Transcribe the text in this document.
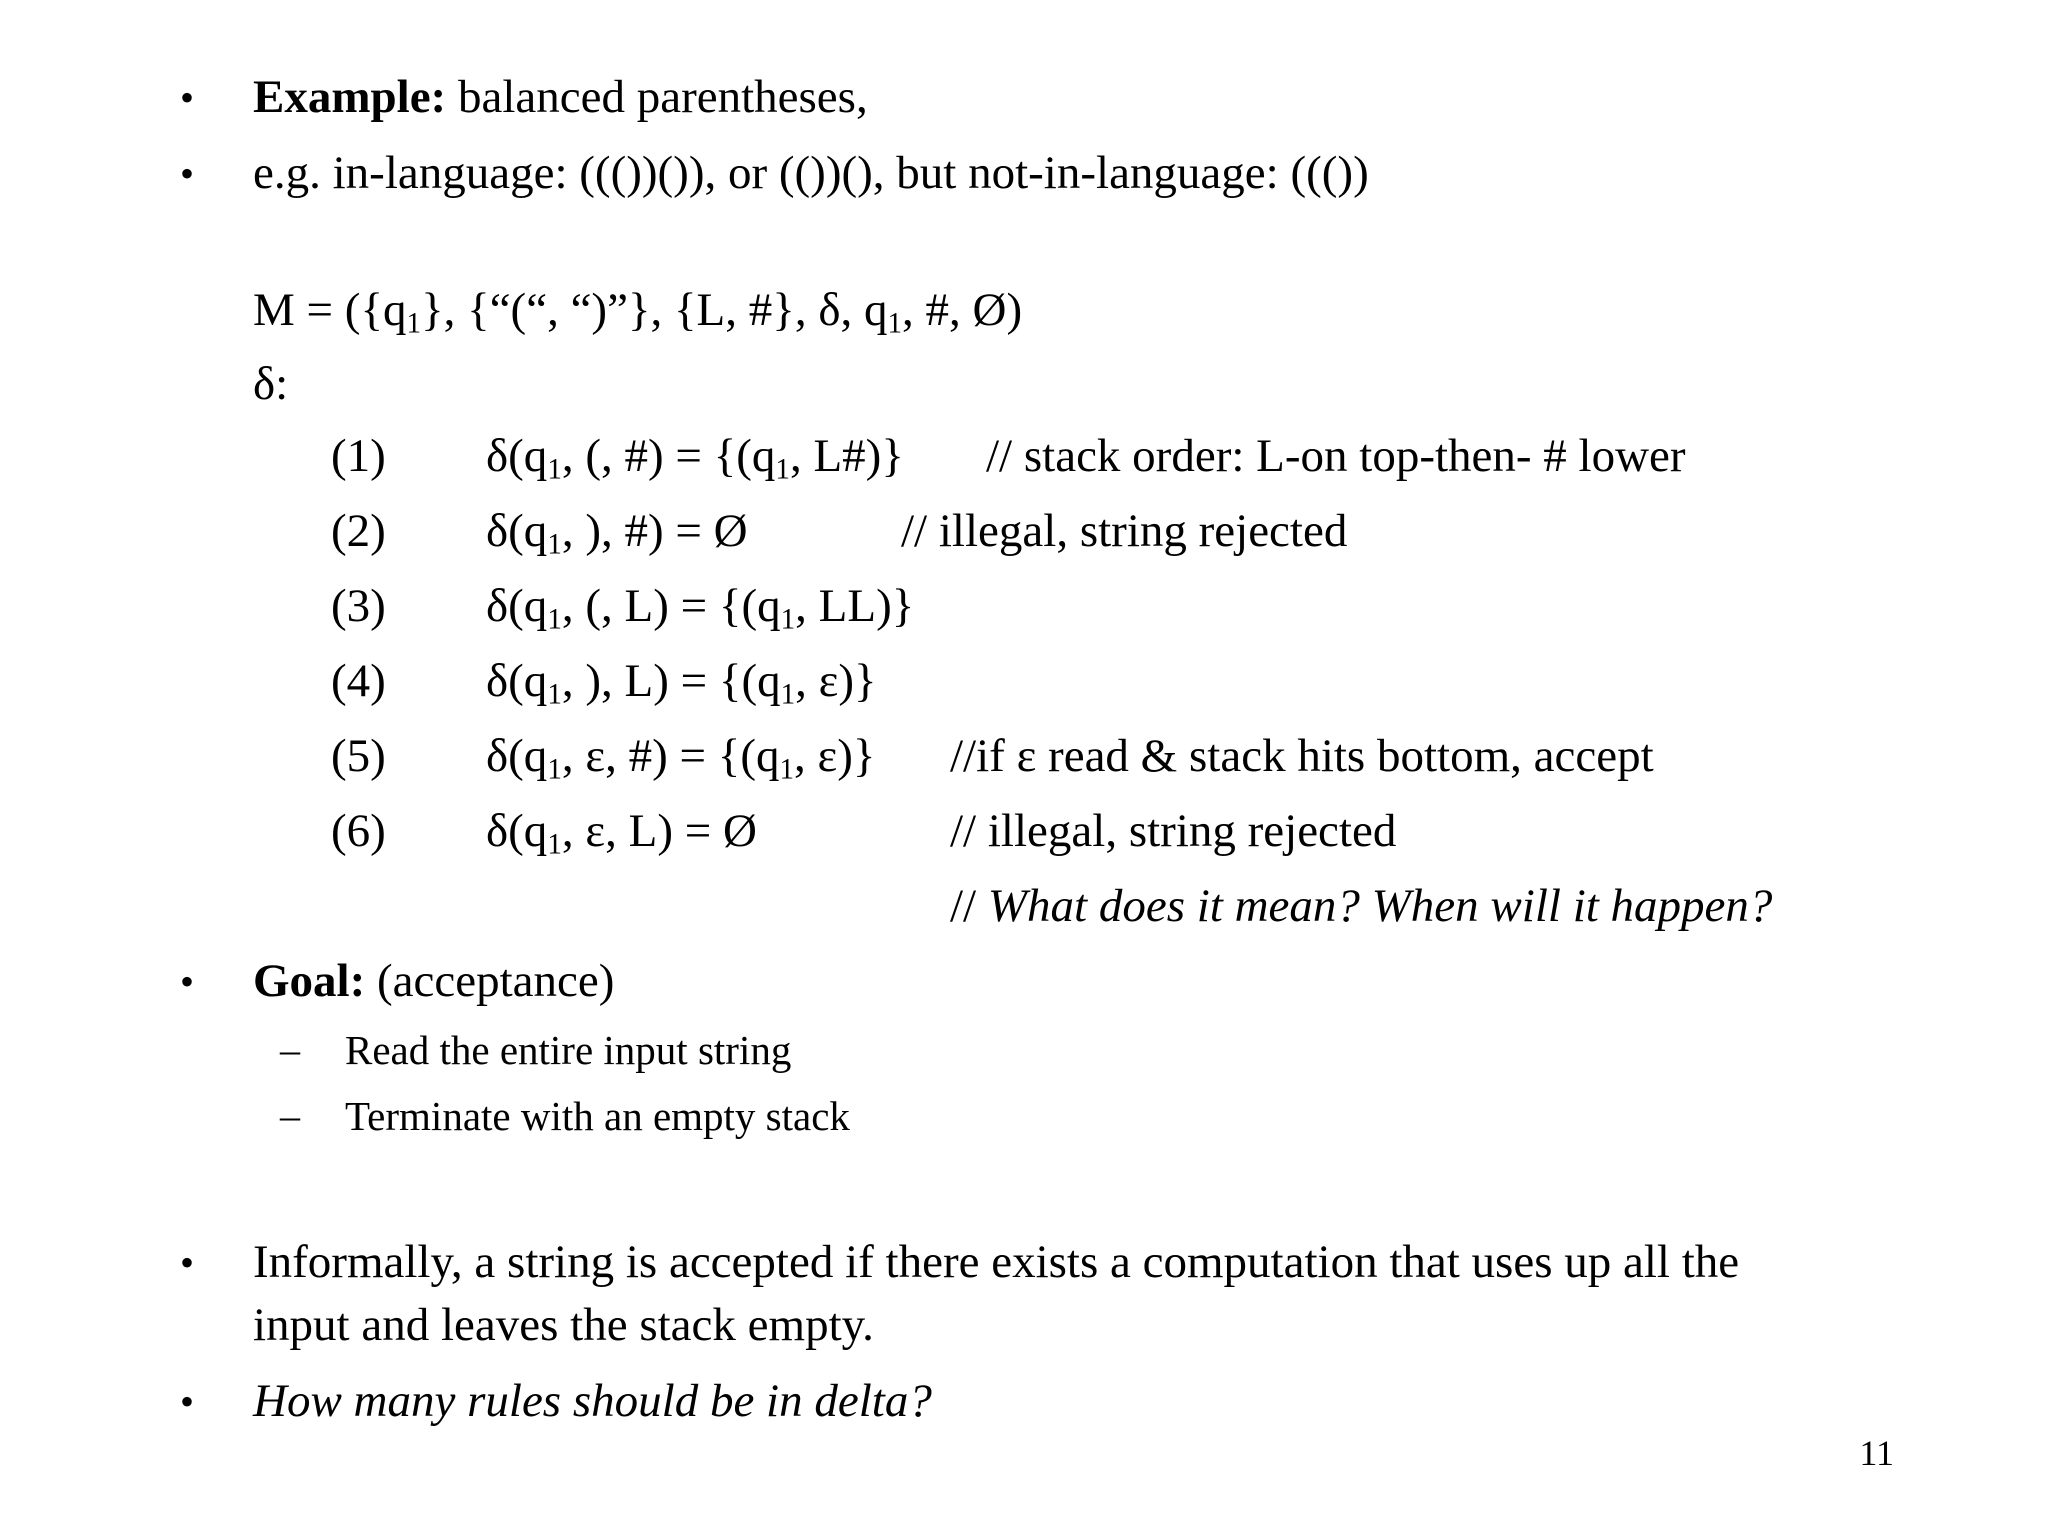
• Example: balanced parentheses,
• e.g. in-language: ((())()), or (())(), but not-in-language: ((())
$M = (\{q_1\}$, {“(“, “)”}, {L, #}, δ, $q_1$, #, Ø)
δ:
(1) $\delta(q_1$, (, #) = {($q_1$, L#)} // stack order: L-on top-then- # lower
(2) $\delta(q_1$, ), #) = Ø	// illegal, string rejected
(3) $\delta(q_1$, (, $L) = \{(q_1$, LL)}
(4) $\delta(q_1$, ), $L) = \{(q_1$, ε)}
(5) $\delta(q_1$, ε, #) = {($q_1$, ε)} //if ε read & stack hits bottom, accept
(6) $\delta(q_1$, ε, L) = Ø	// illegal, string rejected
// What does it mean? When will it happen?
• Goal: (acceptance)
– Read the entire input string
– Terminate with an empty stack
• Informally, a string is accepted if there exists a computation that uses up all the
input and leaves the stack empty.
• How many rules should be in delta?
11
